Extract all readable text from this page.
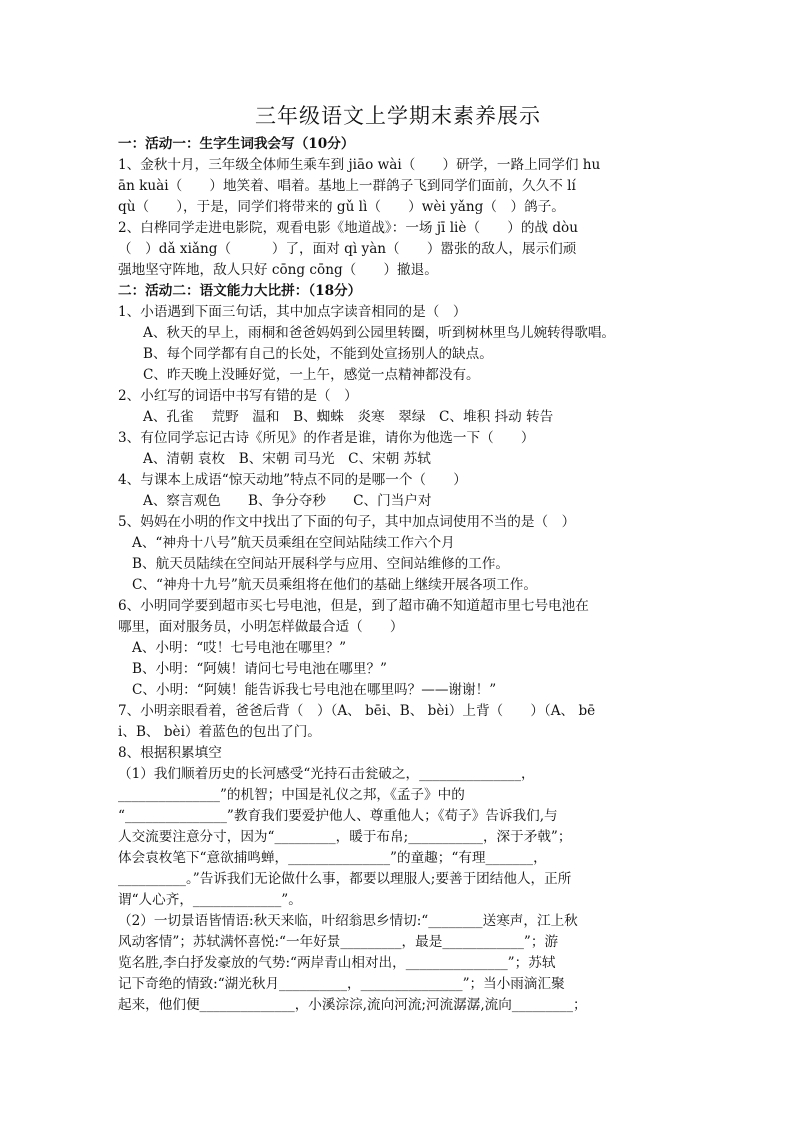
三年级语文上学期末素养展示
一：活动一：生字生词我会写（10分）
1、金秋十月，三年级全体师生乘车到 jiāo wài（　　）研学，一路上同学们 hu
ān kuài（　　）地笑着、唱着。基地上一群鸽子飞到同学们面前，久久不 lí
qù（　　），于是，同学们将带来的 gǔ lì（　　）wèi yǎng（　）鸽子。
2、白桦同学走进电影院，观看电影《地道战》：一场 jī liè（　　）的战 dòu
（　）dǎ xiǎng（　　　）了，面对 qì yàn（　　）嚣张的敌人，展示们顽
强地坚守阵地，敌人只好 cōng cōng（　　）撤退。
二：活动二：语文能力大比拼：（18分）
1、小语遇到下面三句话，其中加点字读音相同的是（　）
A、秋天的早上，雨桐和爸爸妈妈到公园里转圈，听到树林里鸟儿婉转得歌唱。
B、每个同学都有自己的长处，不能到处宣扬别人的缺点。
C、昨天晚上没睡好觉，一上午，感觉一点精神都没有。
2、小红写的词语中书写有错的是（　）
A、孔雀　 荒野　温和　B、蜘蛛　炎寒　翠绿　C、堆积 抖动 转告
3、有位同学忘记古诗《所见》的作者是谁，请你为他选一下（　　）
A、清朝 袁枚　B、宋朝 司马光　C、宋朝 苏轼
4、与课本上成语“惊天动地”特点不同的是哪一个（　　）
A、察言观色　　B、争分夺秒　　C、门当户对
5、妈妈在小明的作文中找出了下面的句子，其中加点词使用不当的是（　）
A、“神舟十八号”航天员乘组在空间站陆续工作六个月
B、航天员陆续在空间站开展科学与应用、空间站维修的工作。
C、“神舟十九号”航天员乘组将在他们的基础上继续开展各项工作。
6、小明同学要到超市买七号电池，但是，到了超市确不知道超市里七号电池在
哪里，面对服务员，小明怎样做最合适（　　）
A、小明：“哎！七号电池在哪里？”
B、小明：“阿姨！请问七号电池在哪里？”
C、小明：“阿姨！能告诉我七号电池在哪里吗？——谢谢！”
7、小明亲眼看着，爸爸后背（　）（A、 bēi、B、 bèi）上背（　　）（A、 bē
i、B、 bèi）着蓝色的包出了门。
8、根据积累填空
（1）我们顺着历史的长河感受“光持石击瓮破之，_______________，
_______________”的机智；中国是礼仪之邦，《孟子》中的
“_______________”教育我们要爱护他人、尊重他人；《荀子》告诉我们,与
人交流要注意分寸，因为“_________，暖于布帛;___________，深于矛戟”；
体会袁枚笔下“意欲捕鸣蝉，_______________”的童趣；“有理_______，
__________。”告诉我们无论做什么事，都要以理服人;要善于团结他人，正所
谓“人心齐，_____________”。
（2）一切景语皆情语:秋天来临，叶绍翁思乡情切:“________送寒声，江上秋
风动客情”；苏轼满怀喜悦:“一年好景_________，最是____________”；游
览名胜,李白抒发豪放的气势:“两岸青山相对出，_______________”；苏轼
记下奇绝的情致:“湖光秋月__________，_______________”；当小雨滴汇聚
起来，他们便______________，小溪淙淙,流向河流;河流潺潺,流向_________；
